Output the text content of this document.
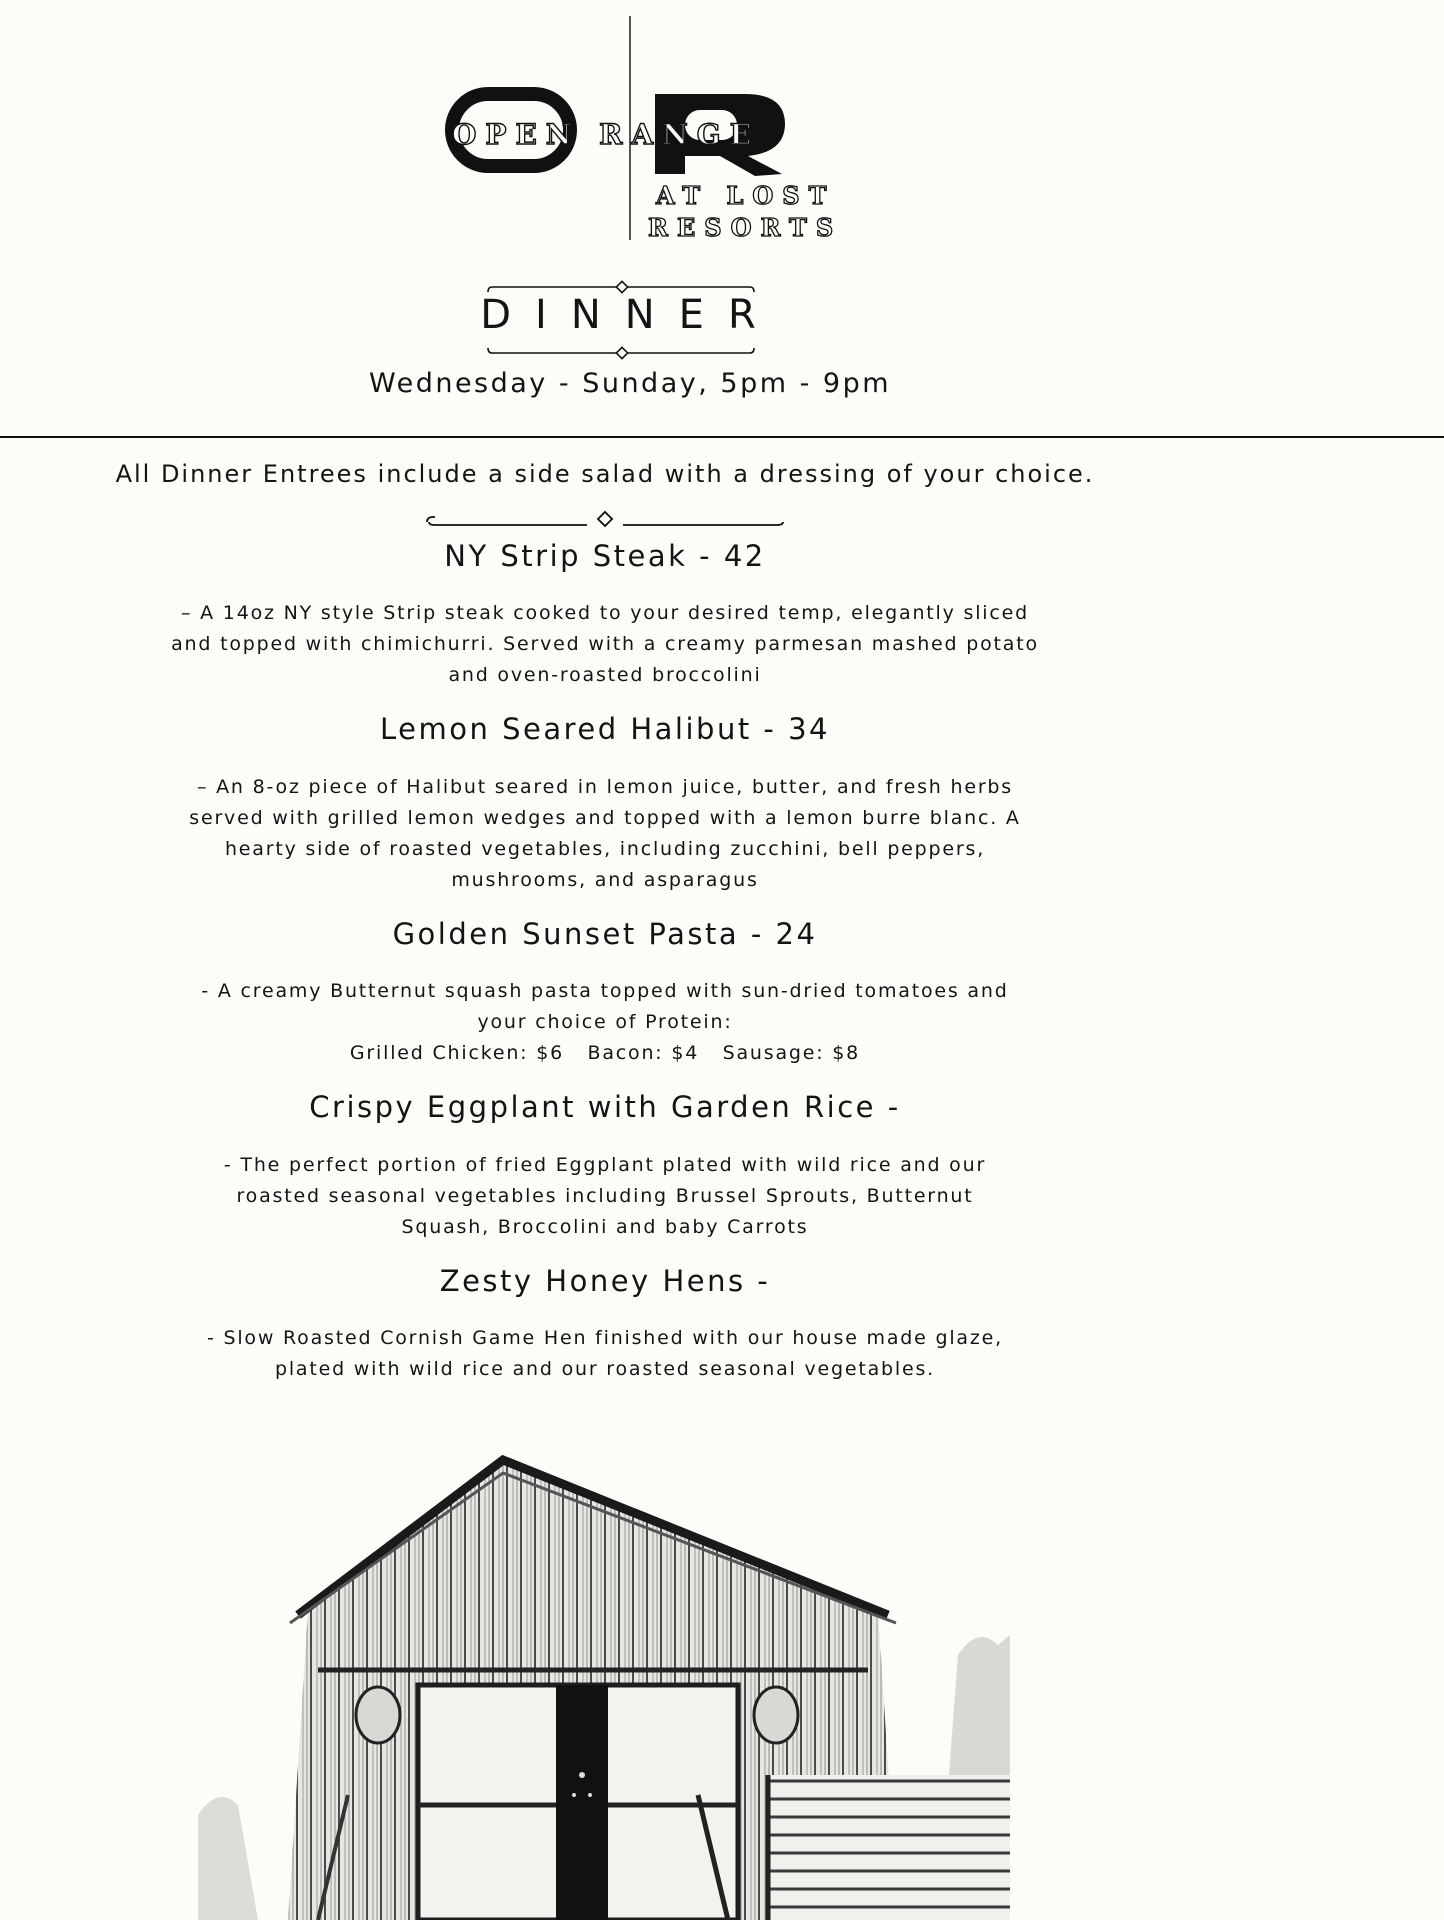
OPEN RANGE
AT LOST
RESORTS
DINNER
Wednesday - Sunday, 5pm - 9pm
All Dinner Entrees include a side salad with a dressing of your choice.
NY Strip Steak - 42
– A 14oz NY style Strip steak cooked to your desired temp, elegantly sliced
and topped with chimichurri. Served with a creamy parmesan mashed potato
and oven-roasted broccolini
Lemon Seared Halibut - 34
– An 8-oz piece of Halibut seared in lemon juice, butter, and fresh herbs
served with grilled lemon wedges and topped with a lemon burre blanc. A
hearty side of roasted vegetables, including zucchini, bell peppers,
mushrooms, and asparagus
Golden Sunset Pasta - 24
- A creamy Butternut squash pasta topped with sun-dried tomatoes and
your choice of Protein:
Grilled Chicken: $6   Bacon: $4   Sausage: $8
Crispy Eggplant with Garden Rice -
- The perfect portion of fried Eggplant plated with wild rice and our
roasted seasonal vegetables including Brussel Sprouts, Butternut
Squash, Broccolini and baby Carrots
Zesty Honey Hens -
- Slow Roasted Cornish Game Hen finished with our house made glaze,
plated with wild rice and our roasted seasonal vegetables.
